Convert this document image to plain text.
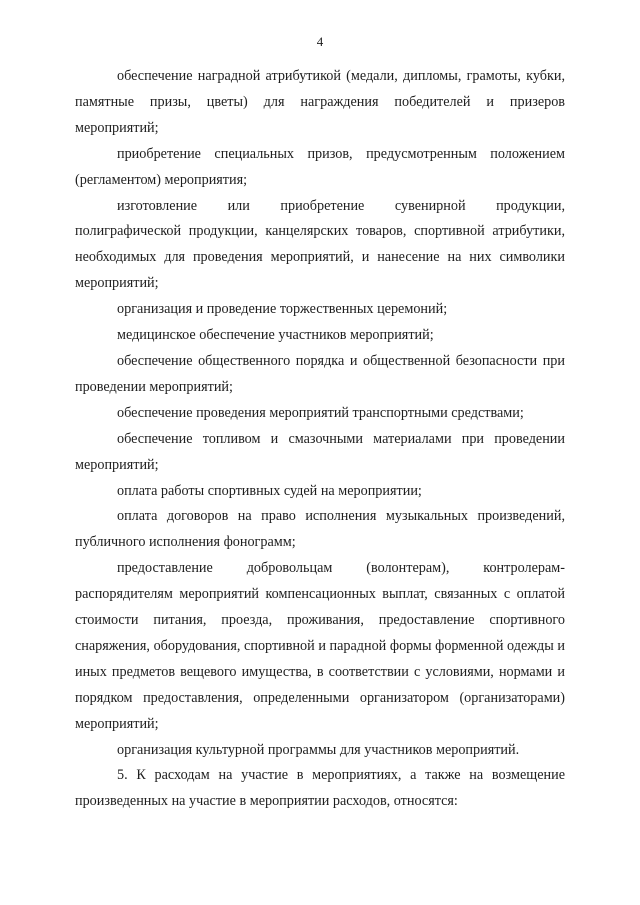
4

обеспечение наградной атрибутикой (медали, дипломы, грамоты, кубки, памятные призы, цветы) для награждения победителей и призеров мероприятий;

приобретение специальных призов, предусмотренным положением (регламентом) мероприятия;

изготовление или приобретение сувенирной продукции, полиграфической продукции, канцелярских товаров, спортивной атрибутики, необходимых для проведения мероприятий, и нанесение на них символики мероприятий;

организация и проведение торжественных церемоний;

медицинское обеспечение участников мероприятий;

обеспечение общественного порядка и общественной безопасности при проведении мероприятий;

обеспечение проведения мероприятий транспортными средствами;

обеспечение топливом и смазочными материалами при проведении мероприятий;

оплата работы спортивных судей на мероприятии;

оплата договоров на право исполнения музыкальных произведений, публичного исполнения фонограмм;

предоставление добровольцам (волонтерам), контролерам-распорядителям мероприятий компенсационных выплат, связанных с оплатой стоимости питания, проезда, проживания, предоставление спортивного снаряжения, оборудования, спортивной и парадной формы форменной одежды и иных предметов вещевого имущества, в соответствии с условиями, нормами и порядком предоставления, определенными организатором (организаторами) мероприятий;

организация культурной программы для участников мероприятий.

5. К расходам на участие в мероприятиях, а также на возмещение произведенных на участие в мероприятии расходов, относятся:
